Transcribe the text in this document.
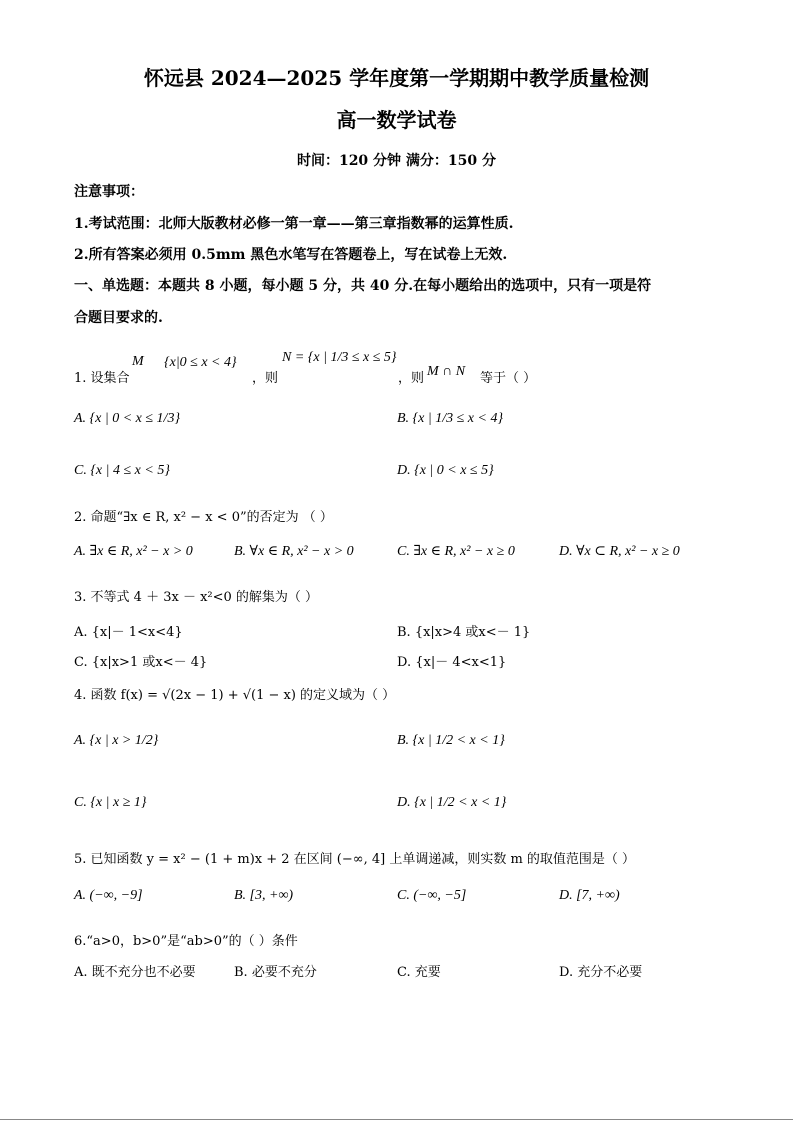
怀远县 2024—2025 学年度第一学期期中教学质量检测
高一数学试卷
时间：120 分钟 满分：150 分
注意事项：
1.考试范围：北师大版教材必修一第一章——第三章指数幂的运算性质.
2.所有答案必须用 0.5mm 黑色水笔写在答题卷上，写在试卷上无效.
一、单选题：本题共 8 小题，每小题 5 分，共 40 分.在每小题给出的选项中，只有一项是符
合题目要求的.
1. 设集合
M {x|0 ≤ x < 4}
，则
N = {x | 1/3 ≤ x ≤ 5}
，则 M ∩ N 等于（ ）
A. {x | 0 < x ≤ 1/3}	B. {x | 1/3 ≤ x < 4}
C. {x | 4 ≤ x < 5}	D. {x | 0 < x ≤ 5}
2. 命题“∃x ∈ R, x² − x < 0”的否定为 （ ）
A. ∃x ∈ R, x² − x > 0	B. ∀x ∈ R, x² − x > 0	C. ∃x ∈ R, x² − x ≥ 0	D. ∀x ⊂ R, x² − x ≥ 0
3. 不等式 4 ＋ 3x － x²<0 的解集为（ ）
A. {x|－ 1<x<4}	B. {x|x>4 或x<－ 1}
C. {x|x>1 或x<－ 4}	D. {x|－ 4<x<1}
4. 函数 f(x) = √(2x − 1) + √(1 − x) 的定义域为（ ）
A. {x | x > 1/2}	B. {x | 1/2 < x < 1}
C. {x | x ≥ 1}	D. {x | 1/2 < x < 1}
5. 已知函数 y = x² − (1 + m)x + 2 在区间 (−∞, 4] 上单调递减，则实数 m 的取值范围是（ ）
A. (−∞, −9]	B. [3, +∞)	C. (−∞, −5]	D. [7, +∞)
6.“a>0，b>0”是“ab>0”的（ ）条件
A. 既不充分也不必要	B. 必要不充分	C. 充要	D. 充分不必要
